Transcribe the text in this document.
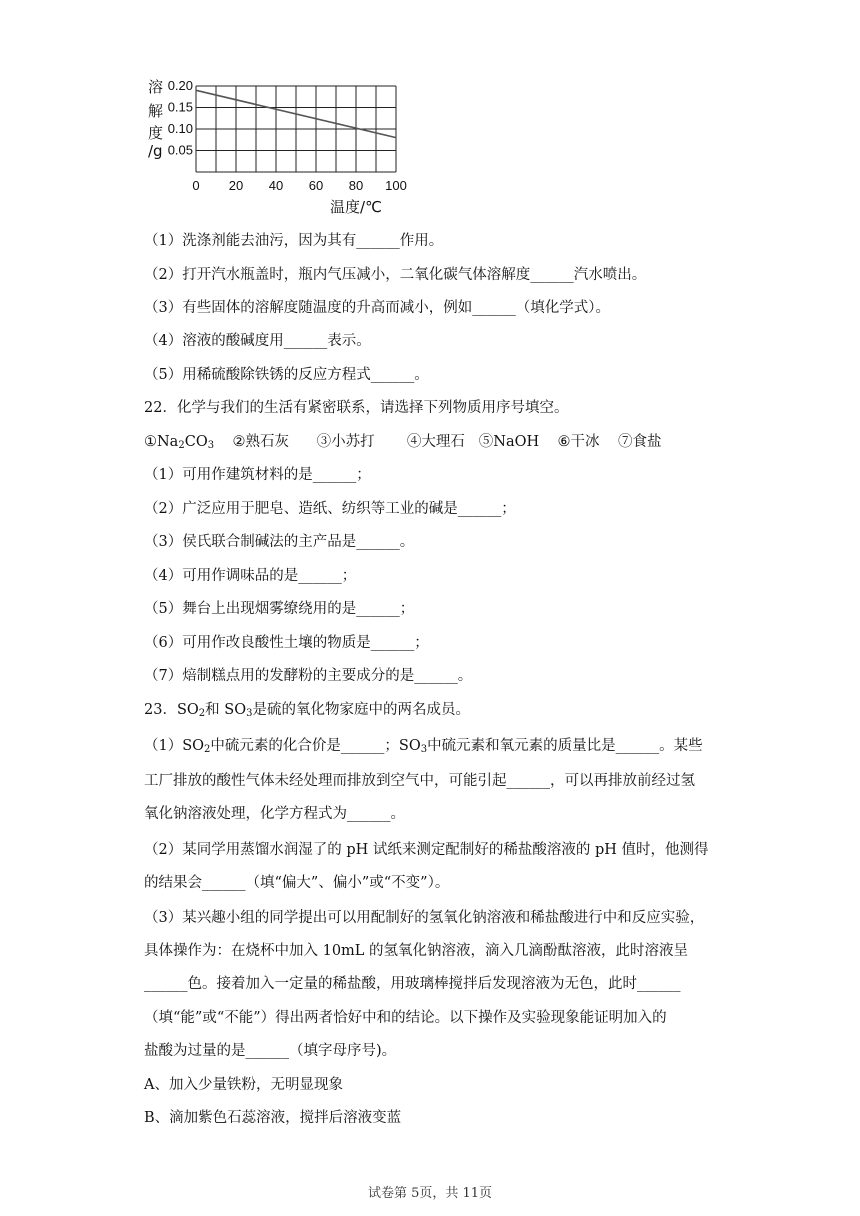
溶
解
度
/g
0.20
0.15
0.10
0.05
0 20 40 60 80 100
温度/℃
（1）洗涤剂能去油污，因为其有______作用。
（2）打开汽水瓶盖时，瓶内气压减小，二氧化碳气体溶解度______汽水喷出。
（3）有些固体的溶解度随温度的升高而减小，例如______（填化学式）。
（4）溶液的酸碱度用______表示。
（5）用稀硫酸除铁锈的反应方程式______。
22．化学与我们的生活有紧密联系，请选择下列物质用序号填空。
$①Na_2CO_3$    ②熟石灰      ③小苏打       ④大理石   ⑤NaOH    ⑥干冰    ⑦食盐
（1）可用作建筑材料的是______；
（2）广泛应用于肥皂、造纸、纺织等工业的碱是______；
（3）侯氏联合制碱法的主产品是______。
（4）可用作调味品的是______；
（5）舞台上出现烟雾缭绕用的是______；
（6）可用作改良酸性土壤的物质是______；
（7）焙制糕点用的发酵粉的主要成分的是______。
23．$SO_2$和 $SO_3$是硫的氧化物家庭中的两名成员。
$(1)SO_2$中硫元素的化合价是______；$SO_3$中硫元素和氧元素的质量比是______。某些
工厂排放的酸性气体未经处理而排放到空气中，可能引起______，可以再排放前经过氢
氧化钠溶液处理，化学方程式为______。
（2）某同学用蒸馏水润湿了的 pH 试纸来测定配制好的稀盐酸溶液的 pH 值时，他测得
的结果会______（填“偏大”、偏小”或“不变”）。
（3）某兴趣小组的同学提出可以用配制好的氢氧化钠溶液和稀盐酸进行中和反应实验，
具体操作为：在烧杯中加入 10mL 的氢氧化钠溶液，滴入几滴酚酞溶液，此时溶液呈
______色。接着加入一定量的稀盐酸，用玻璃棒搅拌后发现溶液为无色，此时______
（填“能”或“不能”）得出两者恰好中和的结论。以下操作及实验现象能证明加入的
盐酸为过量的是______（填字母序号)。
A、加入少量铁粉，无明显现象
B、滴加紫色石蕊溶液，搅拌后溶液变蓝
试卷第 5页，共 11页
